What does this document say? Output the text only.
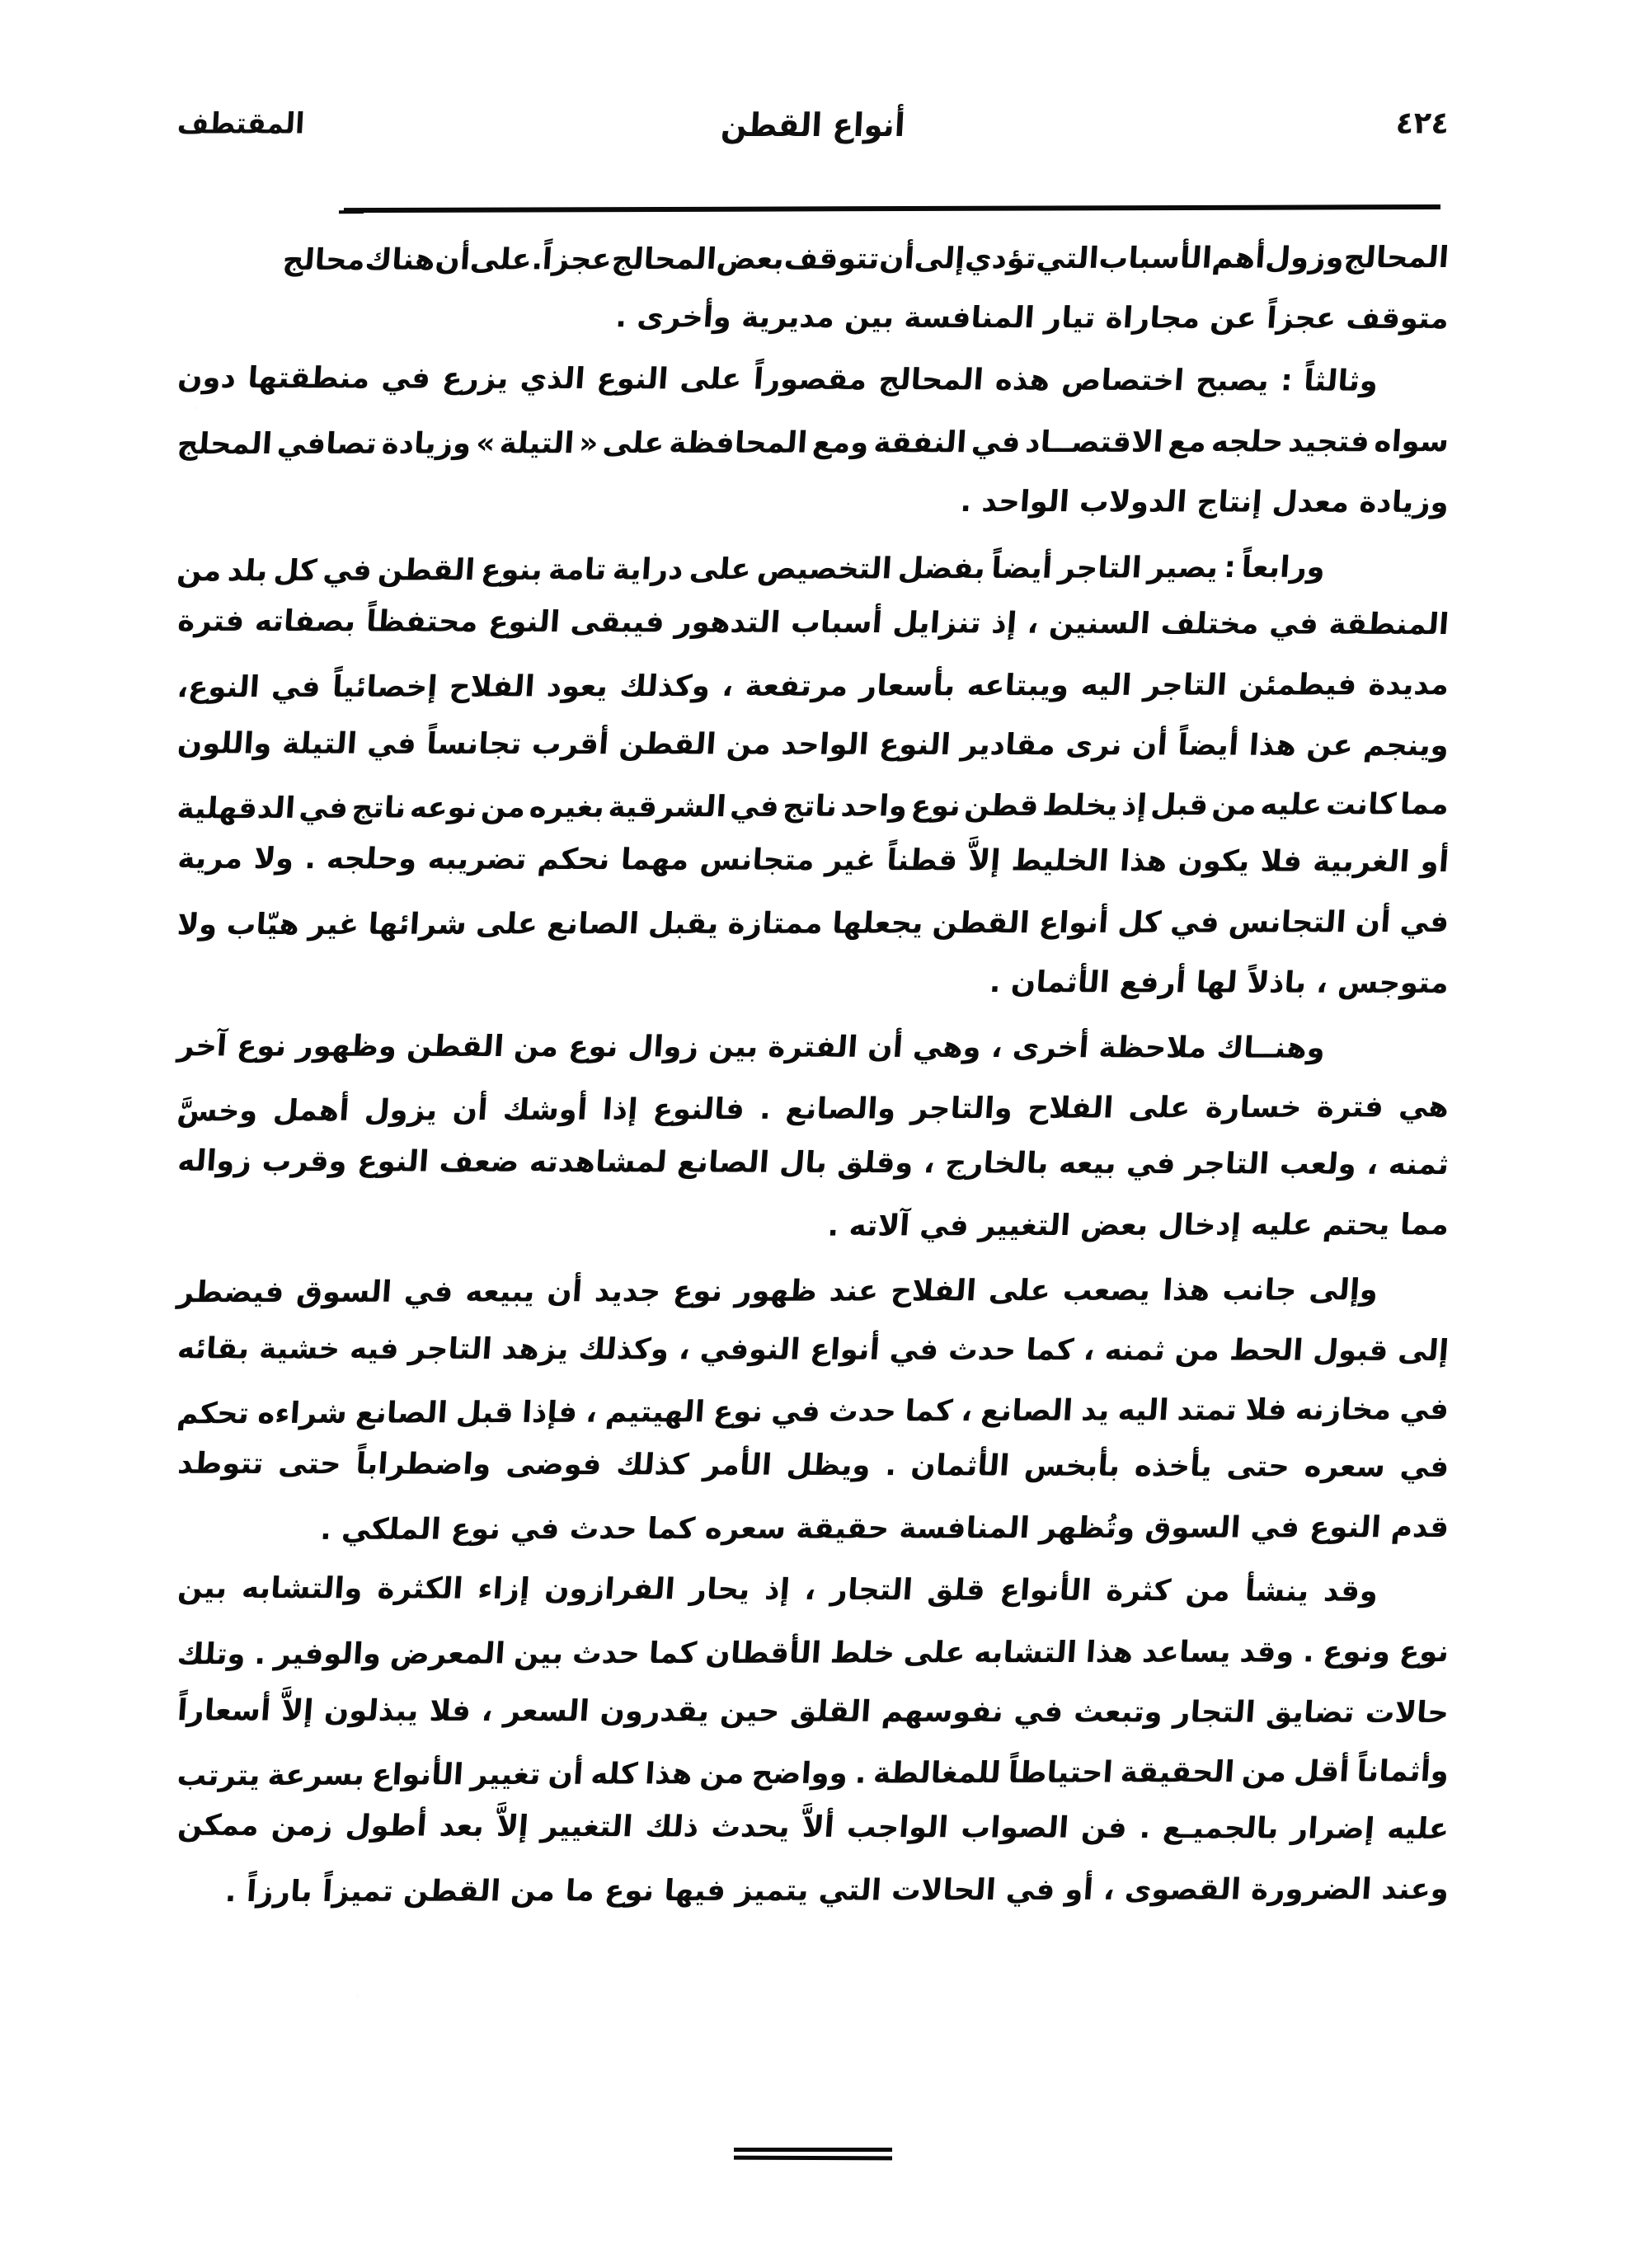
المقتطف	أنواع القطن	٤٢٤
المحالجوزولأهمالأسبابالتيتؤديإلىأنتتوقفبعضالمحالجعجزاً.علىأنهناكمحالج
متوقف عجزاً عن مجاراة تيار المنافسة بين مديرية وأخرى .
وثالثاً
:
يصبح
اختصاص
هذه
المحالج
مقصوراً
على
النوع
الذي
يزرع
في
منطقتها
دون
سواه
فتجيد
حلجه
مع
الاقتصــاد
في
النفقة
ومع
المحافظة
على
«
التيلة
»
وزيادة
تصافي
المحلج
وزيادة معدل إنتاج الدولاب الواحد .
ورابعاً
:
يصير
التاجر
أيضاً
بفضل
التخصيص
على
دراية
تامة
بنوع
القطن
في
كل
بلد
من
المنطقة
في
مختلف
السنين
،
إذ
تنزايل
أسباب
التدهور
فيبقى
النوع
محتفظاً
بصفاته
فترة
مديدة
فيطمئن
التاجر
اليه
ويبتاعه
بأسعار
مرتفعة
،
وكذلك
يعود
الفلاح
إخصائياً
في
النوع،
وينجم
عن
هذا
أيضاً
أن
نرى
مقادير
النوع
الواحد
من
القطن
أقرب
تجانساً
في
التيلة
واللون
مما
كانت
عليه
من
قبل
إذ
يخلط
قطن
نوع
واحد
ناتج
في
الشرقية
بغيره
من
نوعه
ناتج
في
الدقهلية
أو
الغربية
فلا
يكون
هذا
الخليط
إلاَّ
قطناً
غير
متجانس
مهما
نحكم
تضريبه
وحلجه
.
ولا
مرية
في
أن
التجانس
في
كل
أنواع
القطن
يجعلها
ممتازة
يقبل
الصانع
على
شرائها
غير
هيّاب
ولا
متوجس ، باذلاً لها أرفع الأثمان .
وهنــاك
ملاحظة
أخرى
،
وهي
أن
الفترة
بين
زوال
نوع
من
القطن
وظهور
نوع
آخر
هي
فترة
خسارة
على
الفلاح
والتاجر
والصانع
.
فالنوع
إذا
أوشك
أن
يزول
أهمل
وخسَّ
ثمنه
،
ولعب
التاجر
في
بيعه
بالخارج
،
وقلق
بال
الصانع
لمشاهدته
ضعف
النوع
وقرب
زواله
مما يحتم عليه إدخال بعض التغيير في آلاته .
وإلى
جانب
هذا
يصعب
على
الفلاح
عند
ظهور
نوع
جديد
أن
يبيعه
في
السوق
فيضطر
إلى
قبول
الحط
من
ثمنه
،
كما
حدث
في
أنواع
النوفي
،
وكذلك
يزهد
التاجر
فيه
خشية
بقائه
في
مخازنه
فلا
تمتد
اليه
يد
الصانع
،
كما
حدث
في
نوع
الهيتيم
،
فإذا
قبل
الصانع
شراءه
تحكم
في
سعره
حتى
يأخذه
بأبخس
الأثمان
.
ويظل
الأمر
كذلك
فوضى
واضطراباً
حتى
تتوطد
قدم النوع في السوق وتُظهر المنافسة حقيقة سعره كما حدث في نوع الملكي .
وقد
ينشأ
من
كثرة
الأنواع
قلق
التجار
،
إذ
يحار
الفرازون
إزاء
الكثرة
والتشابه
بين
نوع
ونوع
.
وقد
يساعد
هذا
التشابه
على
خلط
الأقطان
كما
حدث
بين
المعرض
والوفير
.
وتلك
حالات
تضايق
التجار
وتبعث
في
نفوسهم
القلق
حين
يقدرون
السعر
،
فلا
يبذلون
إلاَّ
أسعاراً
وأثماناً
أقل
من
الحقيقة
احتياطاً
للمغالطة
.
وواضح
من
هذا
كله
أن
تغيير
الأنواع
بسرعة
يترتب
عليه
إضرار
بالجميـع
.
فن
الصواب
الواجب
ألاَّ
يحدث
ذلك
التغيير
إلاَّ
بعد
أطول
زمن
ممكن
وعند الضرورة القصوى ، أو في الحالات التي يتميز فيها نوع ما من القطن تميزاً بارزاً .
